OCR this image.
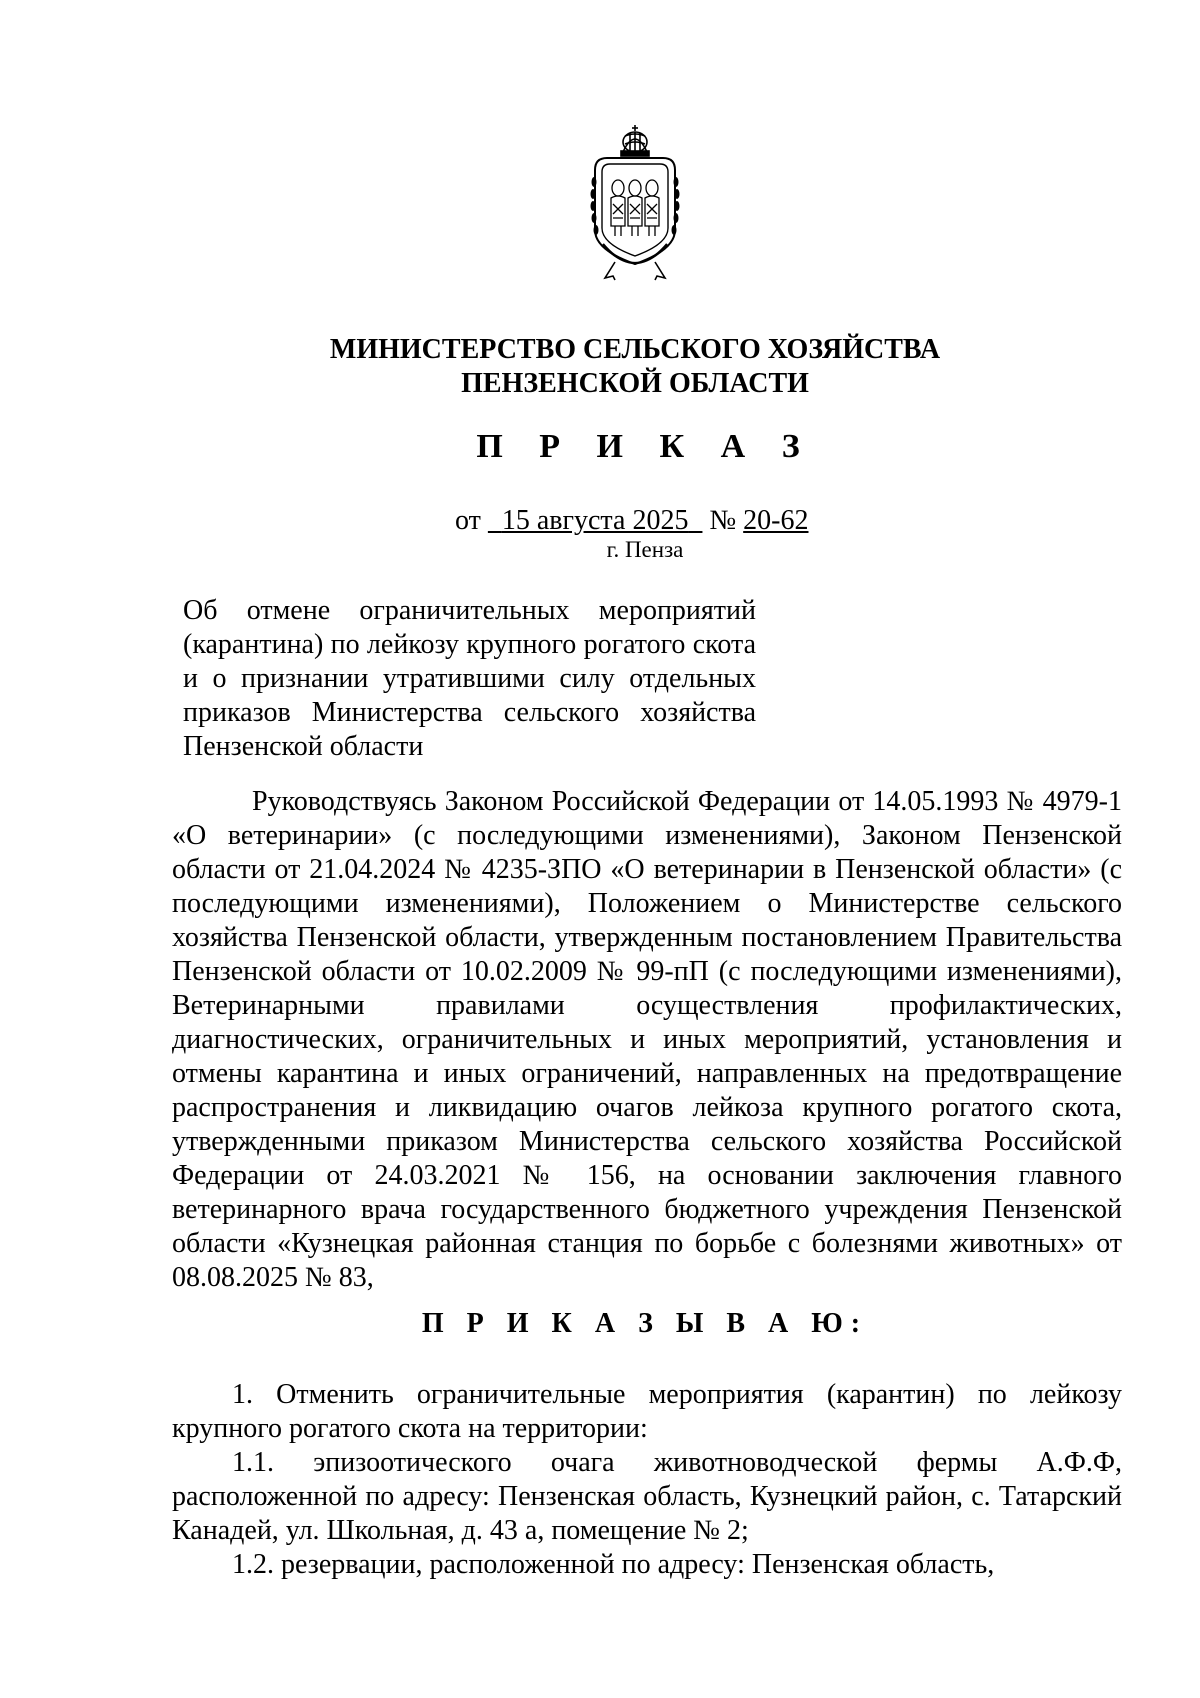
МИНИСТЕРСТВО СЕЛЬСКОГО ХОЗЯЙСТВА
ПЕНЗЕНСКОЙ ОБЛАСТИ
П Р И К А З
от 15 августа 2025 № 20-62
г. Пенза
Об отмене ограничительных мероприятий (карантина) по лейкозу крупного рогатого скота и о признании утратившими силу отдельных приказов Министерства сельского хозяйства Пензенской области
Руководствуясь Законом Российской Федерации от 14.05.1993 № 4979-1 «О ветеринарии» (с последующими изменениями), Законом Пензенской области от 21.04.2024 № 4235-ЗПО «О ветеринарии в Пензенской области» (с последующими изменениями), Положением о Министерстве сельского хозяйства Пензенской области, утвержденным постановлением Правительства Пензенской области от 10.02.2009 № 99-пП (с последующими изменениями), Ветеринарными правилами осуществления профилактических, диагностических, ограничительных и иных мероприятий, установления и отмены карантина и иных ограничений, направленных на предотвращение распространения и ликвидацию очагов лейкоза крупного рогатого скота, утвержденными приказом Министерства сельского хозяйства Российской Федерации от 24.03.2021 № 156, на основании заключения главного ветеринарного врача государственного бюджетного учреждения Пензенской области «Кузнецкая районная станция по борьбе с болезнями животных» от 08.08.2025 № 83,
П Р И К А З Ы В А Ю:
1. Отменить ограничительные мероприятия (карантин) по лейкозу крупного рогатого скота на территории:
1.1. эпизоотического очага животноводческой фермы А.Ф.Ф, расположенной по адресу: Пензенская область, Кузнецкий район, с. Татарский Канадей, ул. Школьная, д. 43 а, помещение № 2;
1.2. резервации, расположенной по адресу: Пензенская область,
